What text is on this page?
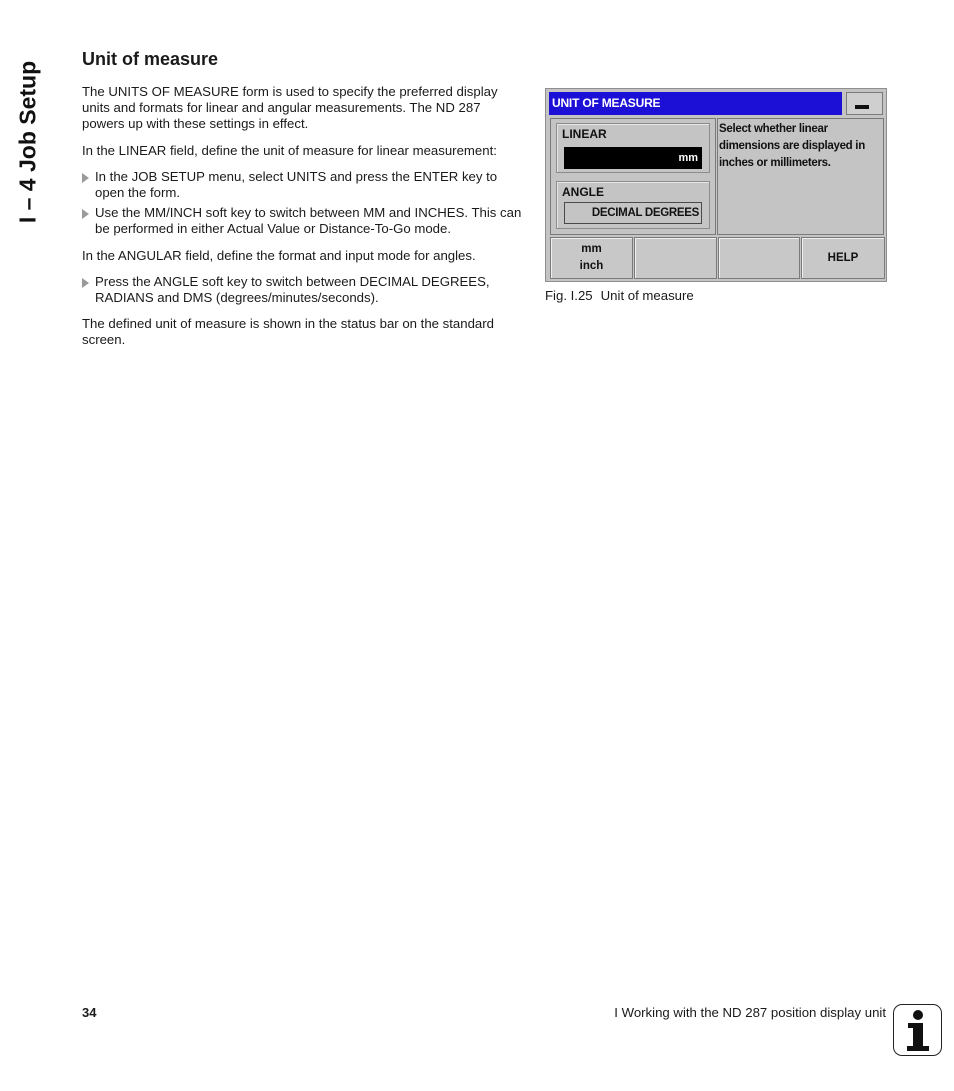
I – 4 Job Setup
Unit of measure

The UNITS OF MEASURE form is used to specify the preferred display units and formats for linear and angular measurements. The ND 287 powers up with these settings in effect.

In the LINEAR field, define the unit of measure for linear measurement:

In the JOB SETUP menu, select UNITS and press the ENTER key to open the form.
Use the MM/INCH soft key to switch between MM and INCHES. This can be performed in either Actual Value or Distance-To-Go mode.

In the ANGULAR field, define the format and input mode for angles.

Press the ANGLE soft key to switch between DECIMAL DEGREES, RADIANS and DMS (degrees/minutes/seconds).

The defined unit of measure is shown in the status bar on the standard screen.

UNIT OF MEASURE
LINEAR
mm
ANGLE
DECIMAL DEGREES
Select whether linear
dimensions are displayed in
inches or millimeters.
mm
inch
HELP
Fig. I.25 Unit of measure
34	I Working with the ND 287 position display unit
